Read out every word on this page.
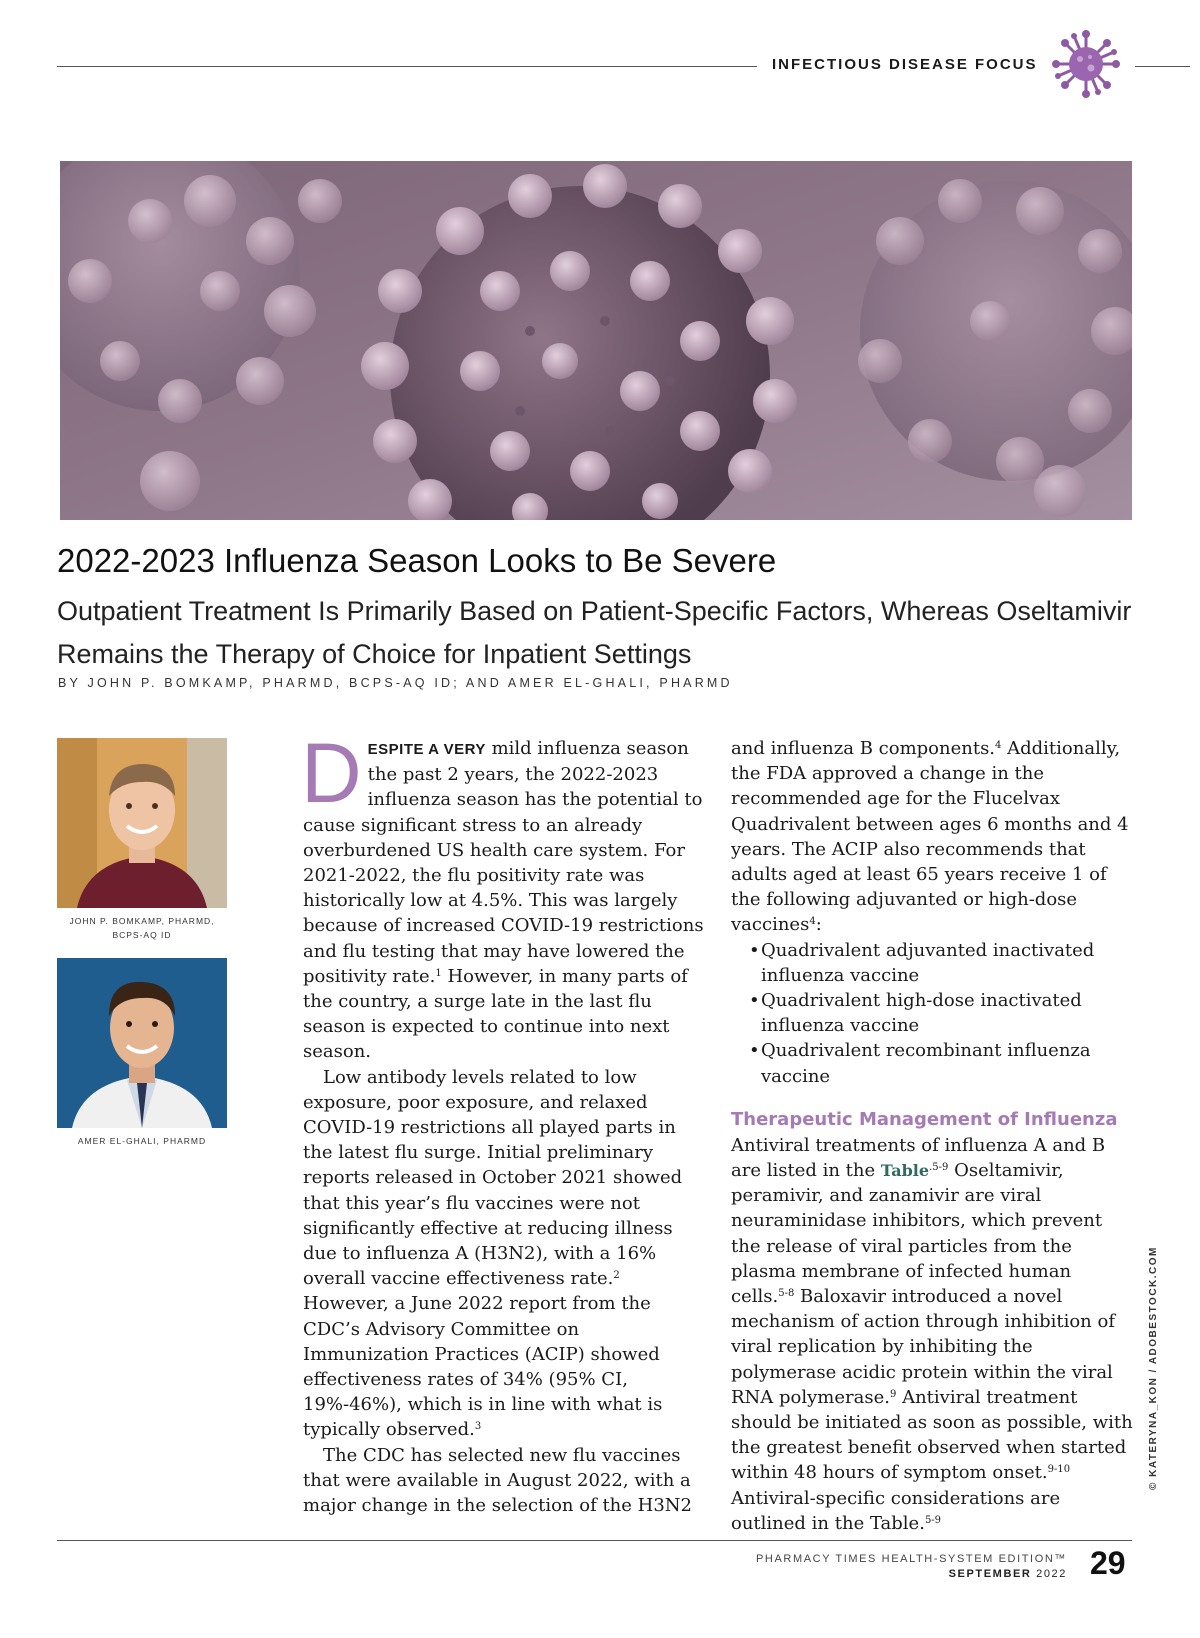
INFECTIOUS DISEASE FOCUS
2022-2023 Influenza Season Looks to Be Severe
Outpatient Treatment Is Primarily Based on Patient-Specific Factors, Whereas Oseltamivir Remains the Therapy of Choice for Inpatient Settings
BY JOHN P. BOMKAMP, PHARMD, BCPS-AQ ID; AND AMER EL-GHALI, PHARMD
JOHN P. BOMKAMP, PHARMD,
BCPS-AQ ID
AMER EL-GHALI, PHARMD

DESPITE A VERY mild influenza season the past 2 years, the 2022-2023 influenza season has the potential to cause significant stress to an already overburdened US health care system. For 2021-2022, the flu positivity rate was historically low at 4.5%. This was largely because of increased COVID-19 restrictions and flu testing that may have lowered the positivity rate.$^1$ However, in many parts of the country, a surge late in the last flu season is expected to continue into next season.

Low antibody levels related to low exposure, poor exposure, and relaxed COVID-19 restrictions all played parts in the latest flu surge. Initial preliminary reports released in October 2021 showed that this year’s flu vaccines were not significantly effective at reducing illness due to influenza A (H3N2), with a 16% overall vaccine effectiveness rate.$^2$ However, a June 2022 report from the CDC’s Advisory Committee on Immunization Practices (ACIP) showed effectiveness rates of 34% (95% CI, 19%-46%), which is in line with what is typically observed.$^3$

The CDC has selected new flu vaccines that were available in August 2022, with a major change in the selection of the H3N2

and influenza B components.$^4$ Additionally, the FDA approved a change in the recommended age for the Flucelvax Quadrivalent between ages 6 months and 4 years. The ACIP also recommends that adults aged at least 65 years receive 1 of the following adjuvanted or high-dose vaccines$^4$:

• Quadrivalent adjuvanted inactivated influenza vaccine
• Quadrivalent high-dose inactivated influenza vaccine
• Quadrivalent recombinant influenza vaccine
Therapeutic Management of Influenza

Antiviral treatments of influenza A and B are listed in the Table$^{.5-9}$ Oseltamivir, peramivir, and zanamivir are viral neuraminidase inhibitors, which prevent the release of viral particles from the plasma membrane of infected human cells.$^{5-8}$ Baloxavir introduced a novel mechanism of action through inhibition of viral replication by inhibiting the polymerase acidic protein within the viral RNA polymerase.$^9$ Antiviral treatment should be initiated as soon as possible, with the greatest benefit observed when started within 48 hours of symptom onset.$^{9-10}$ Antiviral-specific considerations are outlined in the Table.$^{5-9}$

© KATERYNA_KON / ADOBESTOCK.COM
PHARMACY TIMES HEALTH-SYSTEM EDITION™
SEPTEMBER 2022 29
